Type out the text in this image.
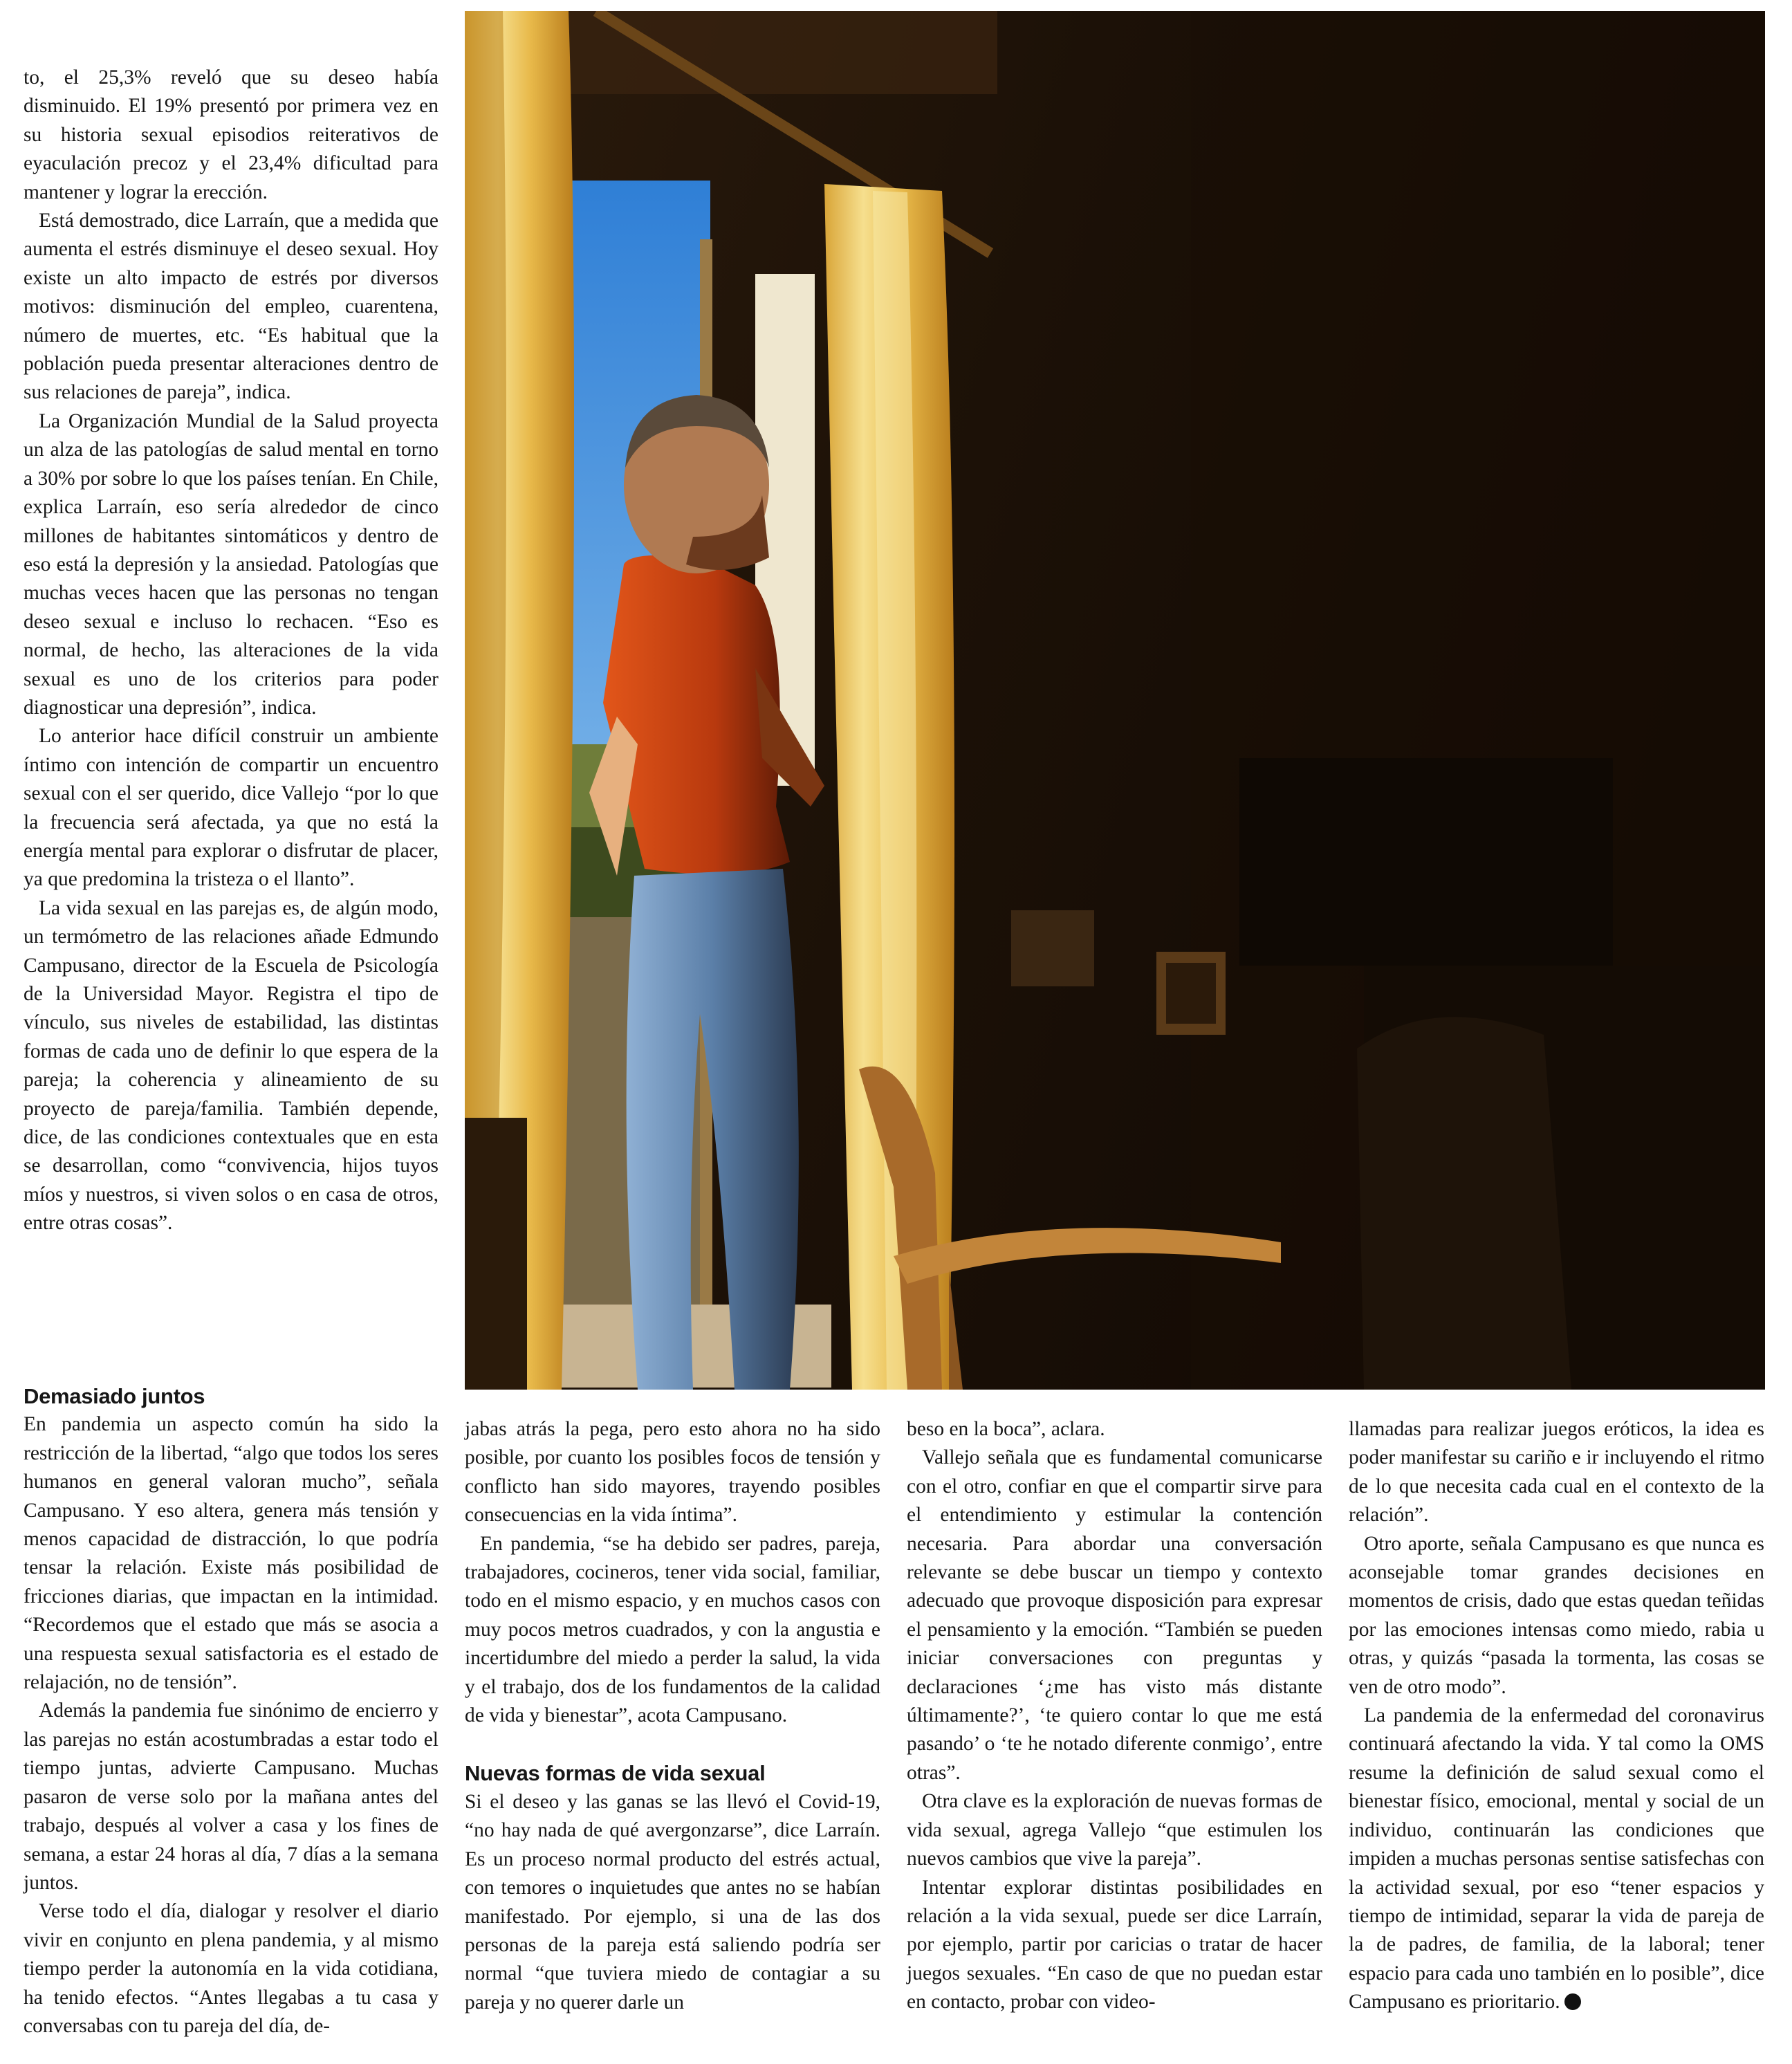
to, el 25,3% reveló que su deseo había disminuido. El 19% presentó por primera vez en su historia sexual episodios reiterativos de eyaculación precoz y el 23,4% dificultad para mantener y lograr la erección.

Está demostrado, dice Larraín, que a medida que aumenta el estrés disminuye el deseo sexual. Hoy existe un alto impacto de estrés por diversos motivos: disminución del empleo, cuarentena, número de muertes, etc. “Es habitual que la población pueda presentar alteraciones dentro de sus relaciones de pareja”, indica.

La Organización Mundial de la Salud proyecta un alza de las patologías de salud mental en torno a 30% por sobre lo que los países tenían. En Chile, explica Larraín, eso sería alrededor de cinco millones de habitantes sintomáticos y dentro de eso está la depresión y la ansiedad. Patologías que muchas veces hacen que las personas no tengan deseo sexual e incluso lo rechacen. “Eso es normal, de hecho, las alteraciones de la vida sexual es uno de los criterios para poder diagnosticar una depresión”, indica.

Lo anterior hace difícil construir un ambiente íntimo con intención de compartir un encuentro sexual con el ser querido, dice Vallejo “por lo que la frecuencia será afectada, ya que no está la energía mental para explorar o disfrutar de placer, ya que predomina la tristeza o el llanto”.

La vida sexual en las parejas es, de algún modo, un termómetro de las relaciones añade Edmundo Campusano, director de la Escuela de Psicología de la Universidad Mayor. Registra el tipo de vínculo, sus niveles de estabilidad, las distintas formas de cada uno de definir lo que espera de la pareja; la coherencia y alineamiento de su proyecto de pareja/familia. También depende, dice, de las condiciones contextuales que en esta se desarrollan, como “convivencia, hijos tuyos míos y nuestros, si viven solos o en casa de otros, entre otras cosas”.

Demasiado juntos

En pandemia un aspecto común ha sido la restricción de la libertad, “algo que todos los seres humanos en general valoran mucho”, señala Campusano. Y eso altera, genera más tensión y menos capacidad de distracción, lo que podría tensar la relación. Existe más posibilidad de fricciones diarias, que impactan en la intimidad. “Recordemos que el estado que más se asocia a una respuesta sexual satisfactoria es el estado de relajación, no de tensión”.

Además la pandemia fue sinónimo de encierro y las parejas no están acostumbradas a estar todo el tiempo juntas, advierte Campusano. Muchas pasaron de verse solo por la mañana antes del trabajo, después al volver a casa y los fines de semana, a estar 24 horas al día, 7 días a la semana juntos.

Verse todo el día, dialogar y resolver el diario vivir en conjunto en plena pandemia, y al mismo tiempo perder la autonomía en la vida cotidiana, ha tenido efectos. “Antes llegabas a tu casa y conversabas con tu pareja del día, de-

jabas atrás la pega, pero esto ahora no ha sido posible, por cuanto los posibles focos de tensión y conflicto han sido mayores, trayendo posibles consecuencias en la vida íntima”.

En pandemia, “se ha debido ser padres, pareja, trabajadores, cocineros, tener vida social, familiar, todo en el mismo espacio, y en muchos casos con muy pocos metros cuadrados, y con la angustia e incertidumbre del miedo a perder la salud, la vida y el trabajo, dos de los fundamentos de la calidad de vida y bienestar”, acota Campusano.

Nuevas formas de vida sexual

Si el deseo y las ganas se las llevó el Covid-19, “no hay nada de qué avergonzarse”, dice Larraín. Es un proceso normal producto del estrés actual, con temores o inquietudes que antes no se habían manifestado. Por ejemplo, si una de las dos personas de la pareja está saliendo podría ser normal “que tuviera miedo de contagiar a su pareja y no querer darle un

beso en la boca”, aclara.

Vallejo señala que es fundamental comunicarse con el otro, confiar en que el compartir sirve para el entendimiento y estimular la contención necesaria. Para abordar una conversación relevante se debe buscar un tiempo y contexto adecuado que provoque disposición para expresar el pensamiento y la emoción. “También se pueden iniciar conversaciones con preguntas y declaraciones ‘¿me has visto más distante últimamente?’, ‘te quiero contar lo que me está pasando’ o ‘te he notado diferente conmigo’, entre otras”.

Otra clave es la exploración de nuevas formas de vida sexual, agrega Vallejo “que estimulen los nuevos cambios que vive la pareja”.

Intentar explorar distintas posibilidades en relación a la vida sexual, puede ser dice Larraín, por ejemplo, partir por caricias o tratar de hacer juegos sexuales. “En caso de que no puedan estar en contacto, probar con video-

llamadas para realizar juegos eróticos, la idea es poder manifestar su cariño e ir incluyendo el ritmo de lo que necesita cada cual en el contexto de la relación”.

Otro aporte, señala Campusano es que nunca es aconsejable tomar grandes decisiones en momentos de crisis, dado que estas quedan teñidas por las emociones intensas como miedo, rabia u otras, y quizás “pasada la tormenta, las cosas se ven de otro modo”.

La pandemia de la enfermedad del coronavirus continuará afectando la vida. Y tal como la OMS resume la definición de salud sexual como el bienestar físico, emocional, mental y social de un individuo, continuarán las condiciones que impiden a muchas personas sentise satisfechas con la actividad sexual, por eso “tener espacios y tiempo de intimidad, separar la vida de pareja de la de padres, de familia, de la laboral; tener espacio para cada uno también en lo posible”, dice Campusano es prioritario.
